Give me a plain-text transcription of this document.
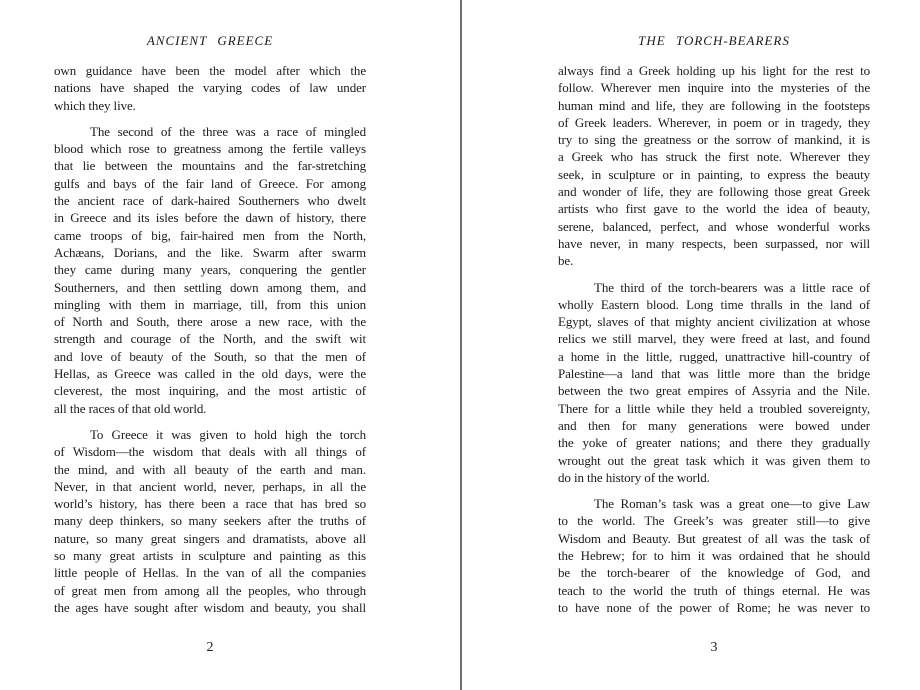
ANCIENT GREECE
own guidance have been the model after which the
nations have shaped the varying codes of law under
which they live.
The second of the three was a race of mingled
blood which rose to greatness among the fertile valleys
that lie between the mountains and the far-stretching
gulfs and bays of the fair land of Greece. For among
the ancient race of dark-haired Southerners who dwelt
in Greece and its isles before the dawn of history, there
came troops of big, fair-haired men from the North,
Achæans, Dorians, and the like. Swarm after swarm
they came during many years, conquering the gentler
Southerners, and then settling down among them, and
mingling with them in marriage, till, from this union
of North and South, there arose a new race, with the
strength and courage of the North, and the swift wit
and love of beauty of the South, so that the men of
Hellas, as Greece was called in the old days, were the
cleverest, the most inquiring, and the most artistic of
all the races of that old world.
To Greece it was given to hold high the torch
of Wisdom—the wisdom that deals with all things of
the mind, and with all beauty of the earth and man.
Never, in that ancient world, never, perhaps, in all the
world’s history, has there been a race that has bred so
many deep thinkers, so many seekers after the truths of
nature, so many great singers and dramatists, above all
so many great artists in sculpture and painting as this
little people of Hellas. In the van of all the companies
of great men from among all the peoples, who through
the ages have sought after wisdom and beauty, you shall
2
THE TORCH-BEARERS
always find a Greek holding up his light for the rest to
follow. Wherever men inquire into the mysteries of the
human mind and life, they are following in the footsteps
of Greek leaders. Wherever, in poem or in tragedy, they
try to sing the greatness or the sorrow of mankind, it is
a Greek who has struck the first note. Wherever they
seek, in sculpture or in painting, to express the beauty
and wonder of life, they are following those great Greek
artists who first gave to the world the idea of beauty,
serene, balanced, perfect, and whose wonderful works
have never, in many respects, been surpassed, nor will
be.
The third of the torch-bearers was a little race of
wholly Eastern blood. Long time thralls in the land of
Egypt, slaves of that mighty ancient civilization at whose
relics we still marvel, they were freed at last, and found
a home in the little, rugged, unattractive hill-country of
Palestine—a land that was little more than the bridge
between the two great empires of Assyria and the Nile.
There for a little while they held a troubled sovereignty,
and then for many generations were bowed under
the yoke of greater nations; and there they gradually
wrought out the great task which it was given them to
do in the history of the world.
The Roman’s task was a great one—to give Law
to the world. The Greek’s was greater still—to give
Wisdom and Beauty. But greatest of all was the task of
the Hebrew; for to him it was ordained that he should
be the torch-bearer of the knowledge of God, and
teach to the world the truth of things eternal. He was
to have none of the power of Rome; he was never to
3
